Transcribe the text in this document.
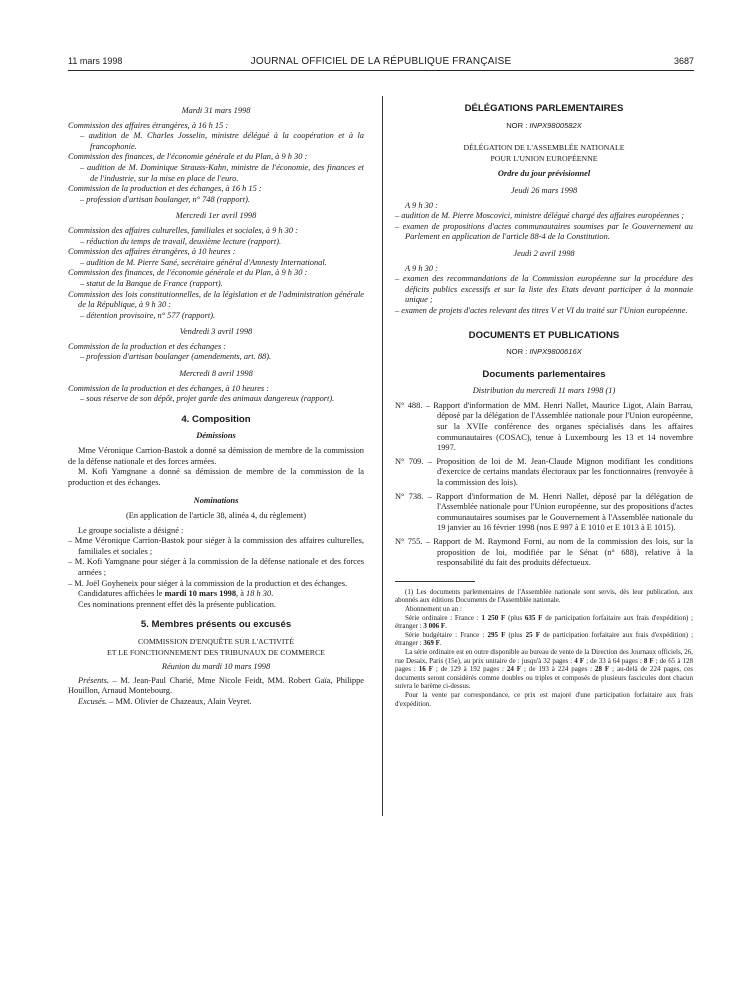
11 mars 1998	JOURNAL OFFICIEL DE LA RÉPUBLIQUE FRANÇAISE	3687
Mardi 31 mars 1998
Commission des affaires étrangères, à 16 h 15 :
– audition de M. Charles Josselin, ministre délégué à la coopération et à la francophonie.
Commission des finances, de l'économie générale et du Plan, à 9 h 30 :
– audition de M. Dominique Strauss-Kahn, ministre de l'économie, des finances et de l'industrie, sur la mise en place de l'euro.
Commission de la production et des échanges, à 16 h 15 :
– profession d'artisan boulanger, n° 748 (rapport).
Mercredi 1er avril 1998
Commission des affaires culturelles, familiales et sociales, à 9 h 30 :
– réduction du temps de travail, deuxième lecture (rapport).
Commission des affaires étrangères, à 10 heures :
– audition de M. Pierre Sané, secrétaire général d'Amnesty International.
Commission des finances, de l'économie générale et du Plan, à 9 h 30 :
– statut de la Banque de France (rapport).
Commission des lois constitutionnelles, de la législation et de l'administration générale de la République, à 9 h 30 :
– détention provisoire, n° 577 (rapport).
Vendredi 3 avril 1998
Commission de la production et des échanges :
– profession d'artisan boulanger (amendements, art. 88).
Mercredi 8 avril 1998
Commission de la production et des échanges, à 10 heures :
– sous réserve de son dépôt, projet garde des animaux dangereux (rapport).
4. Composition
Démissions
Mme Véronique Carrion-Bastok a donné sa démission de membre de la commission de la défense nationale et des forces armées.
M. Kofi Yamgnane a donné sa démission de membre de la commission de la production et des échanges.
Nominations
(En application de l'article 38, alinéa 4, du règlement)
Le groupe socialiste a désigné :
– Mme Véronique Carrion-Bastok pour siéger à la commission des affaires culturelles, familiales et sociales ;
– M. Kofi Yamgnane pour siéger à la commission de la défense nationale et des forces armées ;
– M. Joël Goyheneix pour siéger à la commission de la production et des échanges.
Candidatures affichées le mardi 10 mars 1998, à 18 h 30.
Ces nominations prennent effet dès la présente publication.
5. Membres présents ou excusés
COMMISSION D'ENQUÊTE SUR L'ACTIVITÉ
ET LE FONCTIONNEMENT DES TRIBUNAUX DE COMMERCE
Réunion du mardi 10 mars 1998
Présents. – M. Jean-Paul Charié, Mme Nicole Feidt, MM. Robert Gaïa, Philippe Houillon, Arnaud Montebourg.
Excusés. – MM. Olivier de Chazeaux, Alain Veyret.
DÉLÉGATIONS PARLEMENTAIRES
NOR : INPX9800582X
DÉLÉGATION DE L'ASSEMBLÉE NATIONALE
POUR L'UNION EUROPÉENNE
Ordre du jour prévisionnel
Jeudi 26 mars 1998
A 9 h 30 :
– audition de M. Pierre Moscovici, ministre délégué chargé des affaires européennes ;
– examen de propositions d'actes communautaires soumises par le Gouvernement au Parlement en application de l'article 88-4 de la Constitution.
Jeudi 2 avril 1998
A 9 h 30 :
– examen des recommandations de la Commission européenne sur la procédure des déficits publics excessifs et sur la liste des Etats devant participer à la monnaie unique ;
– examen de projets d'actes relevant des titres V et VI du traité sur l'Union européenne.
DOCUMENTS ET PUBLICATIONS
NOR : INPX9800616X
Documents parlementaires
Distribution du mercredi 11 mars 1998 (1)
N° 488. – Rapport d'information de MM. Henri Nallet, Maurice Ligot, Alain Barrau, déposé par la délégation de l'Assemblée nationale pour l'Union européenne, sur la XVIIe conférence des organes spécialisés dans les affaires communautaires (COSAC), tenue à Luxembourg les 13 et 14 novembre 1997.
N° 709. – Proposition de loi de M. Jean-Claude Mignon modifiant les conditions d'exercice de certains mandats électoraux par les fonctionnaires (renvoyée à la commission des lois).
N° 738. – Rapport d'information de M. Henri Nallet, déposé par la délégation de l'Assemblée nationale pour l'Union européenne, sur des propositions d'actes communautaires soumises par le Gouvernement à l'Assemblée nationale du 19 janvier au 16 février 1998 (nos E 997 à E 1010 et E 1013 à E 1015).
N° 755. – Rapport de M. Raymond Forni, au nom de la commission des lois, sur la proposition de loi, modifiée par le Sénat (n° 688), relative à la responsabilité du fait des produits défectueux.
(1) Les documents parlementaires de l'Assemblée nationale sont servis, dès leur publication, aux abonnés aux éditions Documents de l'Assemblée nationale.
Abonnement un an :
Série ordinaire : France : 1 250 F (plus 635 F de participation forfaitaire aux frais d'expédition) ; étranger : 3 006 F.
Série budgétaire : France : 295 F (plus 25 F de participation forfaitaire aux frais d'expédition) ; étranger : 369 F.
La série ordinaire est en outre disponible au bureau de vente de la Direction des Journaux officiels, 26, rue Desaix, Paris (15e), au prix unitaire de : jusqu'à 32 pages : 4 F ; de 33 à 64 pages : 8 F ; de 65 à 128 pages : 16 F ; de 129 à 192 pages : 24 F ; de 193 à 224 pages : 28 F ; au-delà de 224 pages, ces documents seront considérés comme doubles ou triples et composés de plusieurs fascicules dont chacun suivra le barème ci-dessus.
Pour la vente par correspondance, ce prix est majoré d'une participation forfaitaire aux frais d'expédition.
